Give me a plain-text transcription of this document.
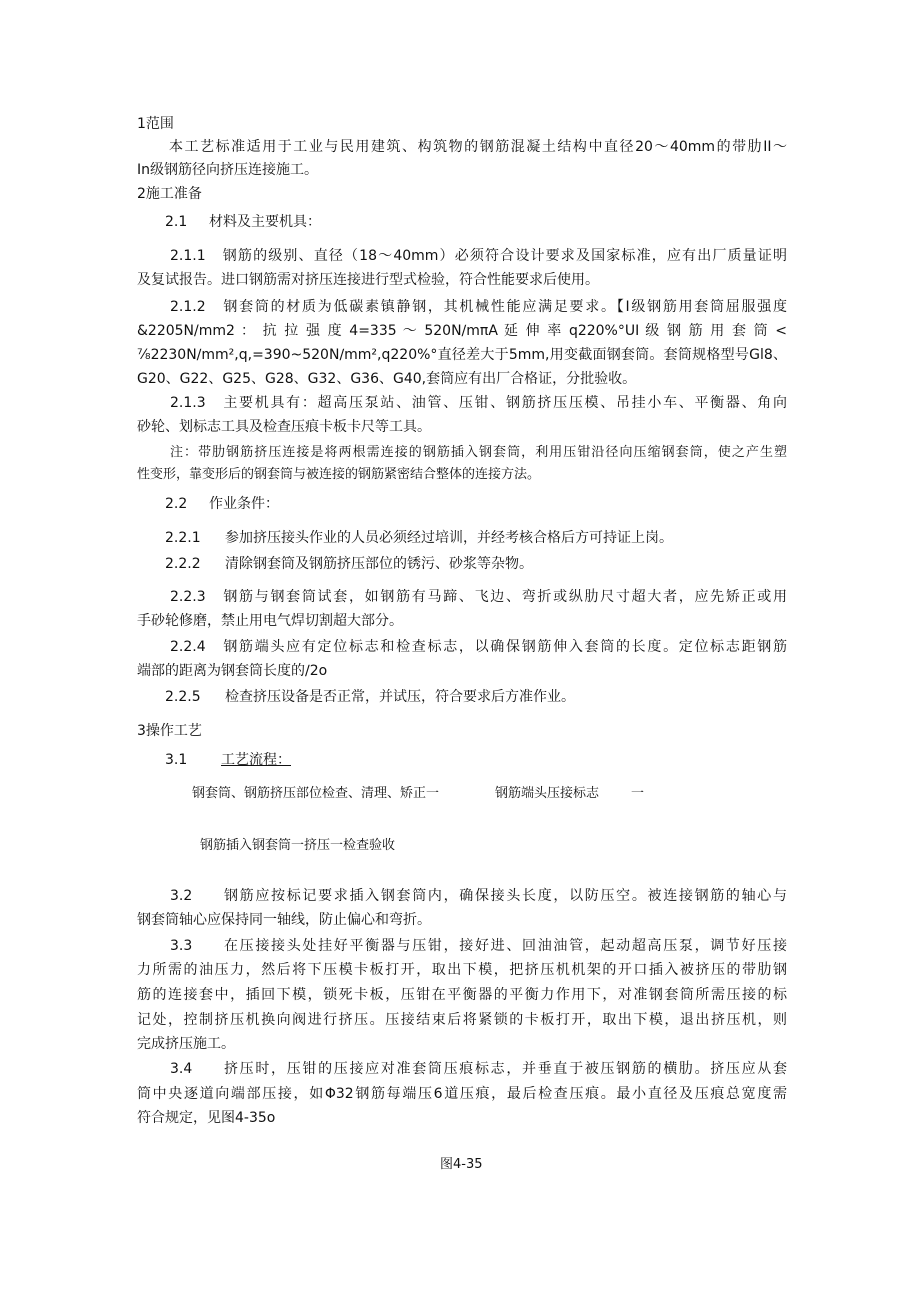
1范围
本工艺标准适用于工业与民用建筑、构筑物的钢筋混凝土结构中直径20～40mm的带肋II～
In级钢筋径向挤压连接施工。
2施工准备
2.1 材料及主要机具：
2.1.1 钢筋的级别、直径（18～40mm）必须符合设计要求及国家标准，应有出厂质量证明
及复试报告。进口钢筋需对挤压连接进行型式检验，符合性能要求后使用。
2.1.2 钢套筒的材质为低碳素镇静钢，其机械性能应满足要求。【I级钢筋用套筒屈服强度
&2205N/mm2 ： 抗 拉 强 度 4=335 ～ 520N∕mπA 延 伸 率 q220%°UI 级 钢 筋 用 套 筒 <
⅞2230N∕mm²,q,=390~520N∕mm²,q220%°直径差大于5mm,用变截面钢套筒。套筒规格型号Gl8、
G20、G22、G25、G28、G32、G36、G40,套筒应有出厂合格证，分批验收。
2.1.3 主要机具有：超高压泵站、油管、压钳、钢筋挤压压模、吊挂小车、平衡器、角向
砂轮、划标志工具及检查压痕卡板卡尺等工具。
注：带肋钢筋挤压连接是将两根需连接的钢筋插入钢套筒，利用压钳沿径向压缩钢套筒，使之产生塑
性变形，靠变形后的钢套筒与被连接的钢筋紧密结合整体的连接方法。
2.2 作业条件：
2.2.1 参加挤压接头作业的人员必须经过培训，并经考核合格后方可持证上岗。
2.2.2 清除钢套筒及钢筋挤压部位的锈污、砂浆等杂物。
2.2.3 钢筋与钢套筒试套，如钢筋有马蹄、飞边、弯折或纵肋尺寸超大者，应先矫正或用
手砂轮修磨，禁止用电气焊切割超大部分。
2.2.4 钢筋端头应有定位标志和检查标志，以确保钢筋伸入套筒的长度。定位标志距钢筋
端部的距离为钢套筒长度的∕2o
2.2.5 检查挤压设备是否正常，并试压，符合要求后方准作业。
3操作工艺
3.1 工艺流程：
钢套筒、钢筋挤压部位检查、清理、矫正一	钢筋端头压接标志 一
钢筋插入钢套筒一挤压一检查验收
3.2 钢筋应按标记要求插入钢套筒内，确保接头长度，以防压空。被连接钢筋的轴心与
钢套筒轴心应保持同一轴线，防止偏心和弯折。
3.3 在压接接头处挂好平衡器与压钳，接好进、回油油管，起动超高压泵，调节好压接
力所需的油压力，然后将下压模卡板打开，取出下模，把挤压机机架的开口插入被挤压的带肋钢
筋的连接套中，插回下模，锁死卡板，压钳在平衡器的平衡力作用下，对准钢套筒所需压接的标
记处，控制挤压机换向阀进行挤压。压接结束后将紧锁的卡板打开，取出下模，退出挤压机，则
完成挤压施工。
3.4 挤压时，压钳的压接应对准套筒压痕标志，并垂直于被压钢筋的横肋。挤压应从套
筒中央逐道向端部压接，如Φ32钢筋每端压6道压痕，最后检查压痕。最小直径及压痕总宽度需
符合规定，见图4-35o
图4-35
